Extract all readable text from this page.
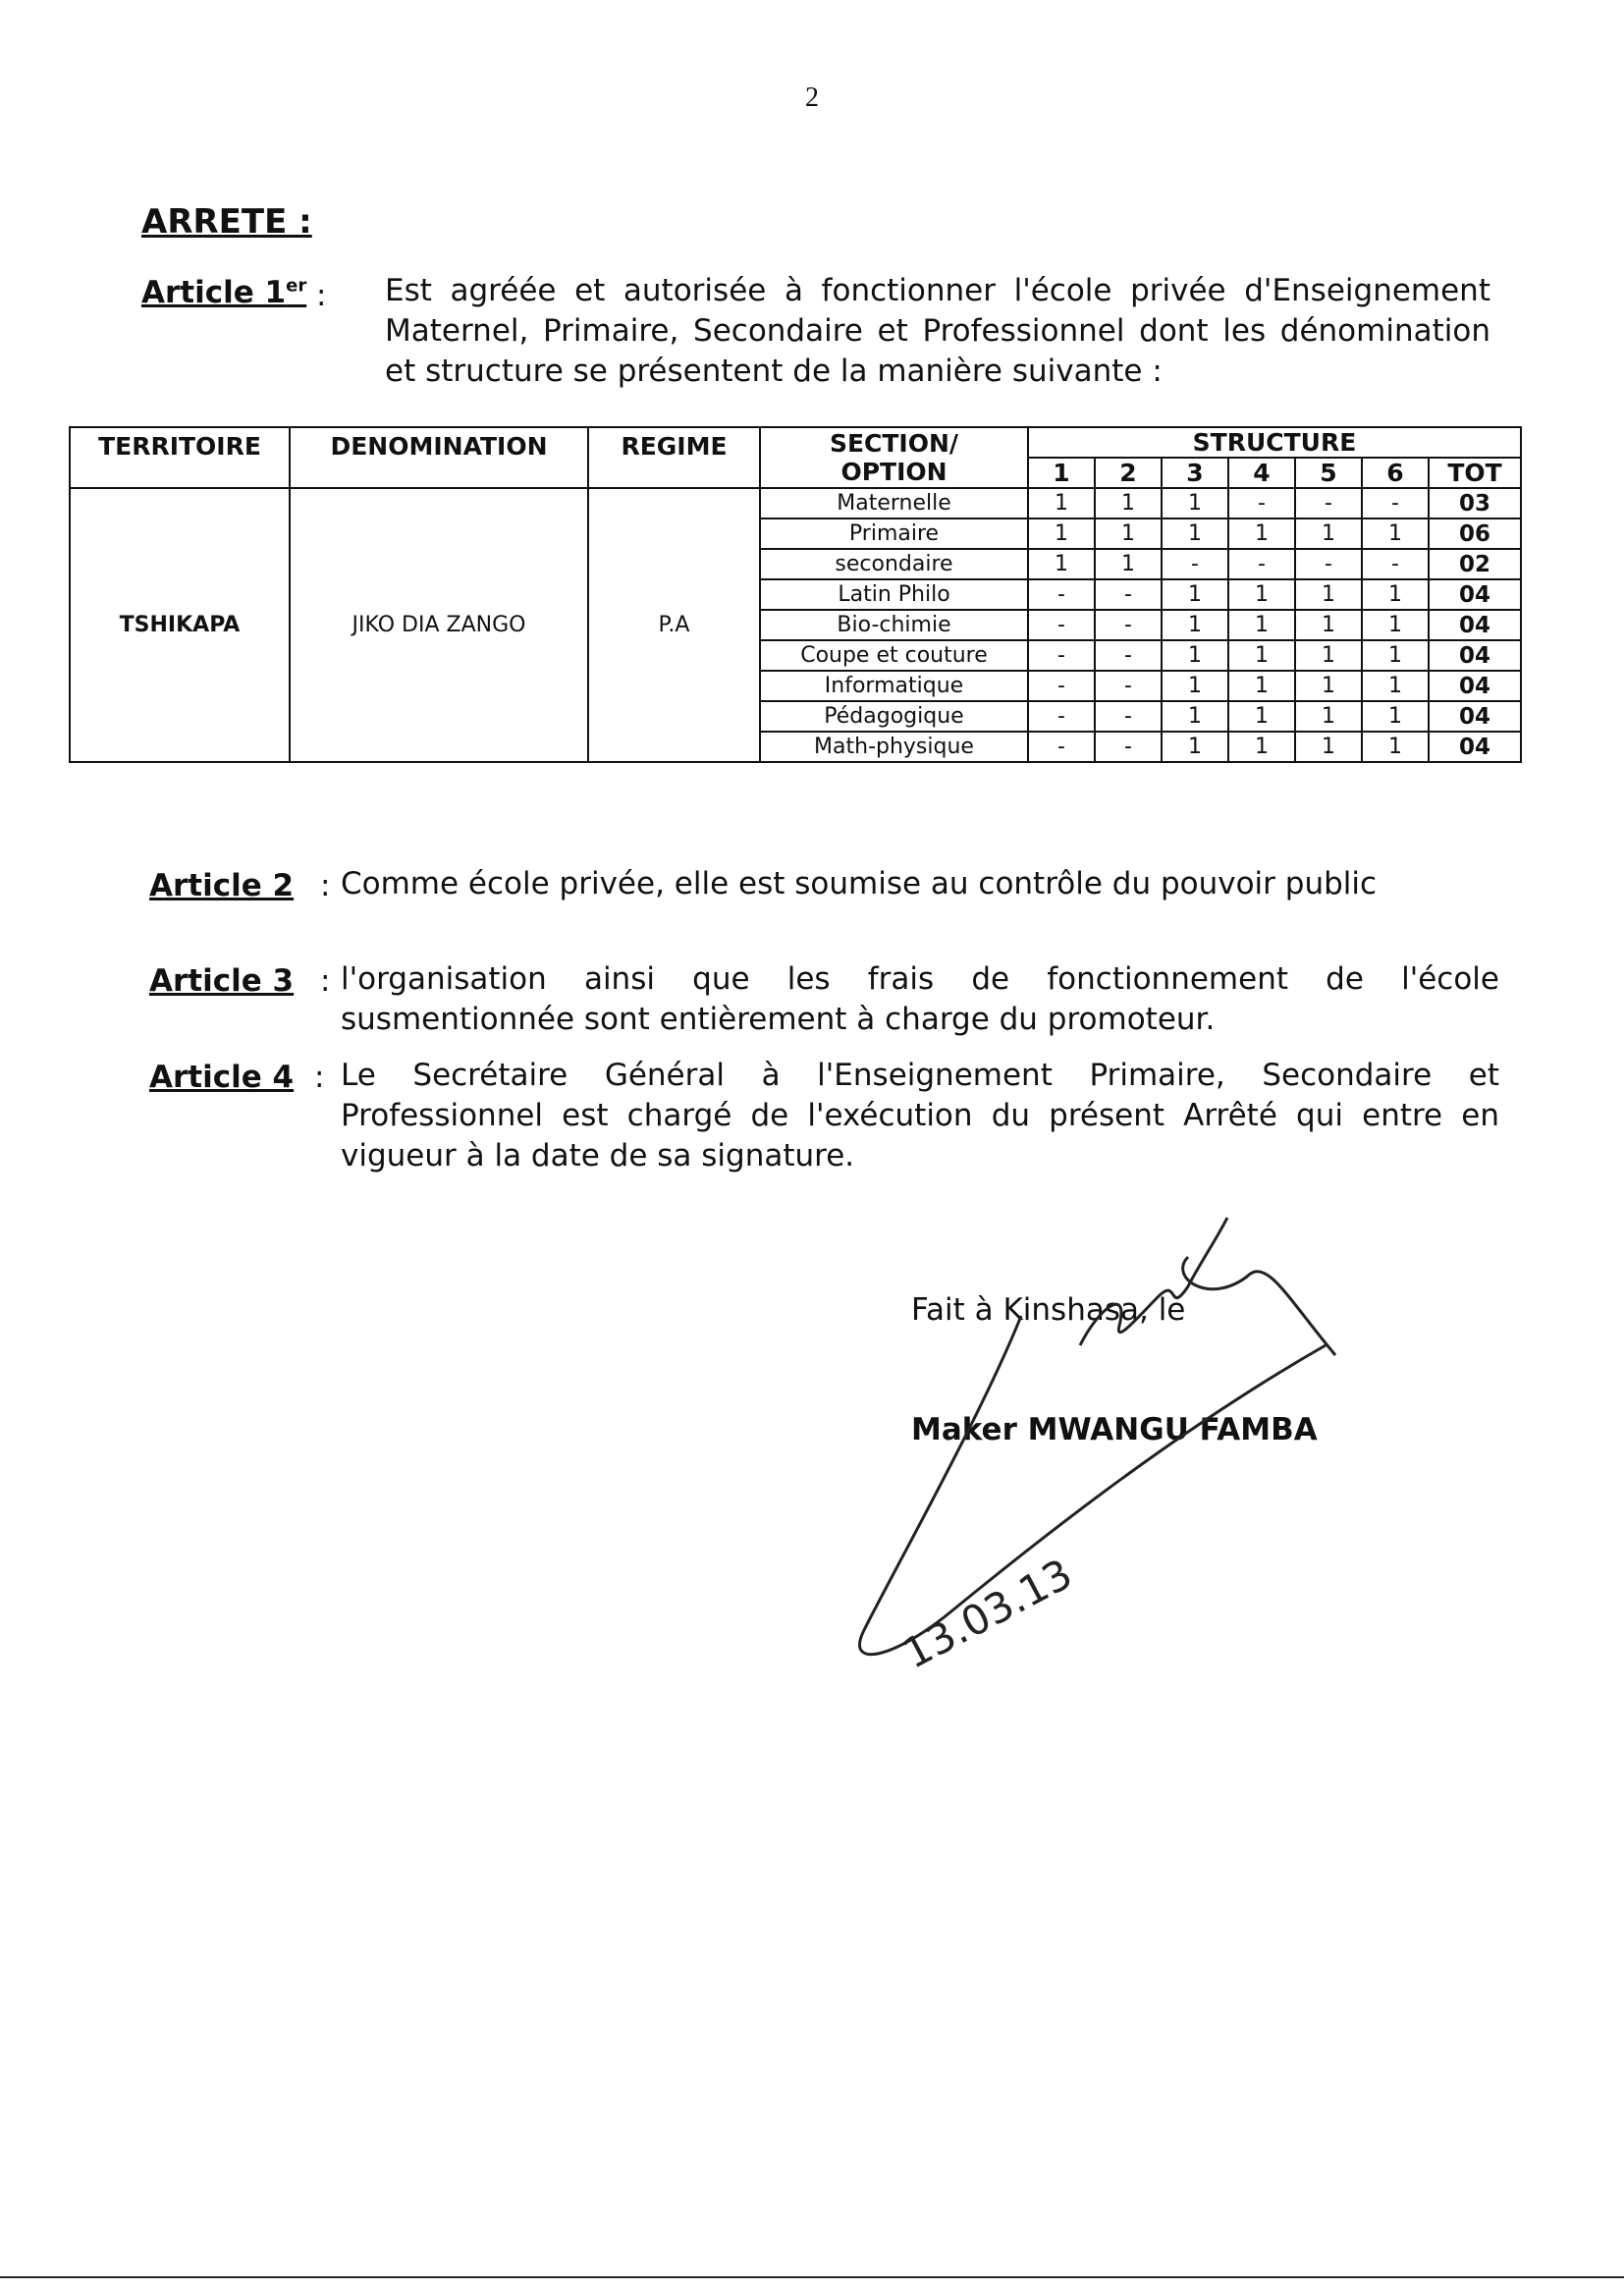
2
ARRETE :
Article 1er : Est agréée et autorisée à fonctionner l'école privée d'Enseignement Maternel, Primaire, Secondaire et Professionnel dont les dénomination et structure se présentent de la manière suivante :
TERRITOIRE	DENOMINATION	REGIME	SECTION/ OPTION	STRUCTURE						
				1	2	3	4	5	6	TOT
TSHIKAPA	JIKO DIA ZANGO	P.A	Maternelle	1	1	1	-	-	-	03
			Primaire	1	1	1	1	1	1	06
			secondaire	1	1	-	-	-	-	02
			Latin Philo	-	-	1	1	1	1	04
			Bio-chimie	-	-	1	1	1	1	04
			Coupe et couture	-	-	1	1	1	1	04
			Informatique	-	-	1	1	1	1	04
			Pédagogique	-	-	1	1	1	1	04
			Math-physique	-	-	1	1	1	1	04
Article 2 : Comme école privée, elle est soumise au contrôle du pouvoir public
Article 3 : l'organisation ainsi que les frais de fonctionnement de l'école susmentionnée sont entièrement à charge du promoteur.
Article 4 : Le Secrétaire Général à l'Enseignement Primaire, Secondaire et Professionnel est chargé de l'exécution du présent Arrêté qui entre en vigueur à la date de sa signature.
Fait à Kinshasa, le
Maker MWANGU FAMBA
13.03.13
